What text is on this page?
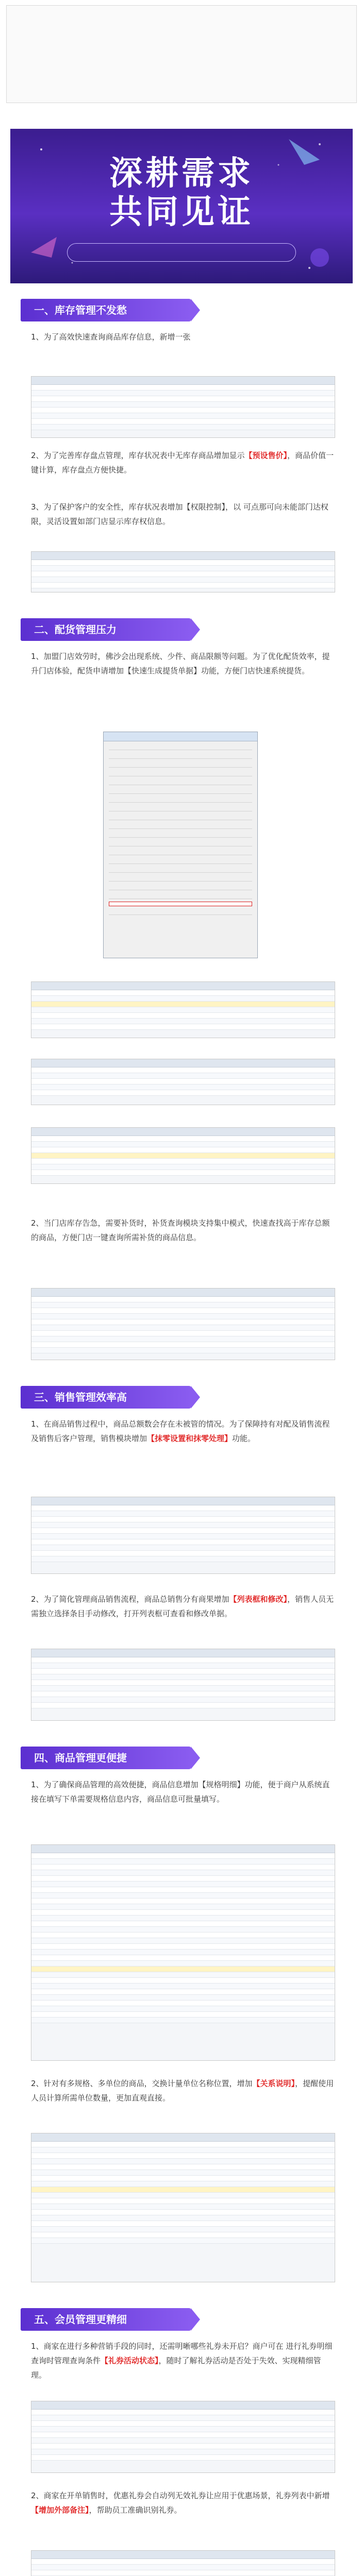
深耕需求
共同见证
一、库存管理不发愁
1、为了高效快速查询商品库存信息，新增一张
2、为了完善库存盘点管理，库存状况表中无库存商品增加显示【预设售价】，商品价值一键计算，库存盘点方便快捷。
3、为了保护客户的安全性，库存状况表增加【权限控制】，以 可点那可向未能部门达权限，灵活设置如部门店显示库存权信息。
二、配货管理压力
1、加盟门店效劳时，佛沙会出现系统、少件、商品限额等问题。为了优化配货效率，提升门店体验，配货申请增加【快速生成提货单据】功能，方便门店快速系统提货。
2、当门店库存告急，需要补货时，补货查询模块支持集中模式，快速查找高于库存总额的商品，方便门店一键查询所需补货的商品信息。
三、销售管理效率高
1、在商品销售过程中，商品总额数会存在未被管的情况。为了保障持有对配及销售流程及销售后客户管理，销售模块增加【抹零设置和抹零处理】功能。
2、为了简化管理商品销售流程，商品总销售分有商果增加【列表框和修改】，销售人员无需独立选择条目手动修改，打开列表框可查看和修改单据。
四、商品管理更便捷
1、为了确保商品管理的高效便捷，商品信息增加【规格明细】功能，便于商户从系统直接在填写下单需要规格信息内容，商品信息可批量填写。
2、针对有多规格、多单位的商品，交换计量单位名称位置，增加【关系说明】，提醒使用人员计算所需单位数量，更加直观直接。
五、会员管理更精细
1、商家在进行多种营销手段的同时，还需明晰哪些礼券未开启？商户可在 进行礼券明细查询时管理查询条件【礼券活动状态】，随时了解礼券活动是否处于失效、实现精细管理。
2、商家在开单销售时，优惠礼券会自动列无效礼券让应用于优惠场景，礼券列表中新增【增加外部备注】，帮助员工准确识别礼券。
